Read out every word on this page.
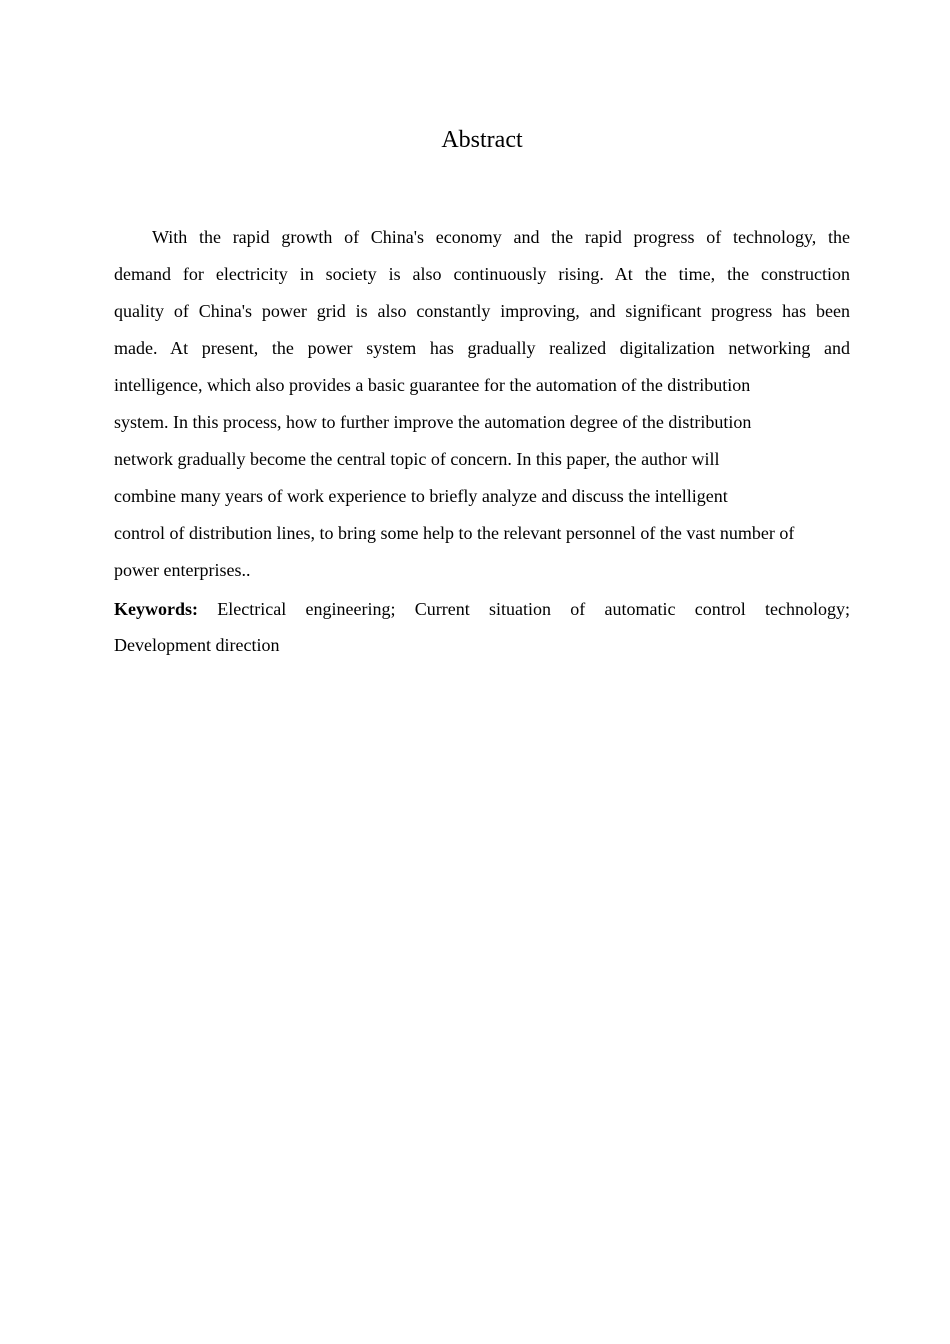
Abstract
With the rapid growth of China's economy and the rapid progress of technology, the
demand for electricity in society is also continuously rising. At the time, the construction
quality of China's power grid is also constantly improving, and significant progress has been
made. At present, the power system has gradually realized digitalization networking and
intelligence, which also provides a basic guarantee for the automation of the distribution
system. In this process, how to further improve the automation degree of the distribution
network gradually become the central topic of concern. In this paper, the author will
combine many years of work experience to briefly analyze and discuss the intelligent
control of distribution lines, to bring some help to the relevant personnel of the vast number of
power enterprises..
Keywords: Electrical engineering; Current situation of automatic control technology;
Development direction
